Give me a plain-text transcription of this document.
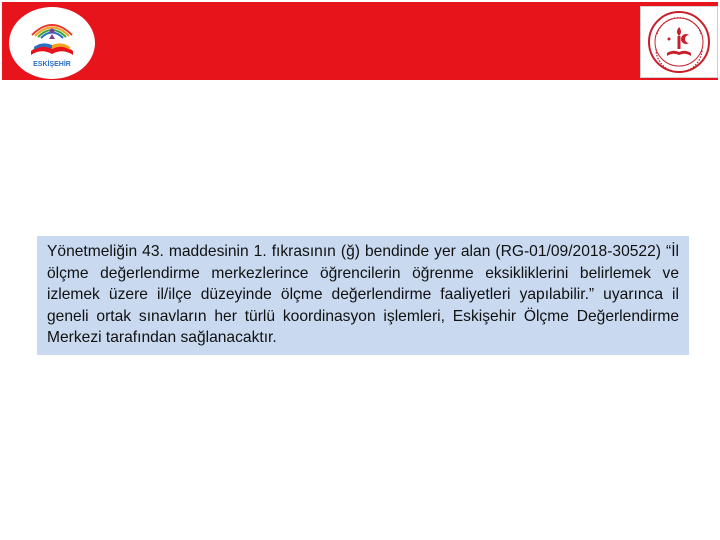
ESKİŞEHİR

Yönetmeliğin 43. maddesinin 1. fıkrasının (ğ) bendinde yer alan (RG-01/09/2018-30522) “İl ölçme değerlendirme merkezlerince öğrencilerin öğrenme eksikliklerini belirlemek ve izlemek üzere il/ilçe düzeyinde ölçme değerlendirme faaliyetleri yapılabilir.” uyarınca il geneli ortak sınavların her türlü koordinasyon işlemleri, Eskişehir Ölçme Değerlendirme Merkezi tarafından sağlanacaktır.
